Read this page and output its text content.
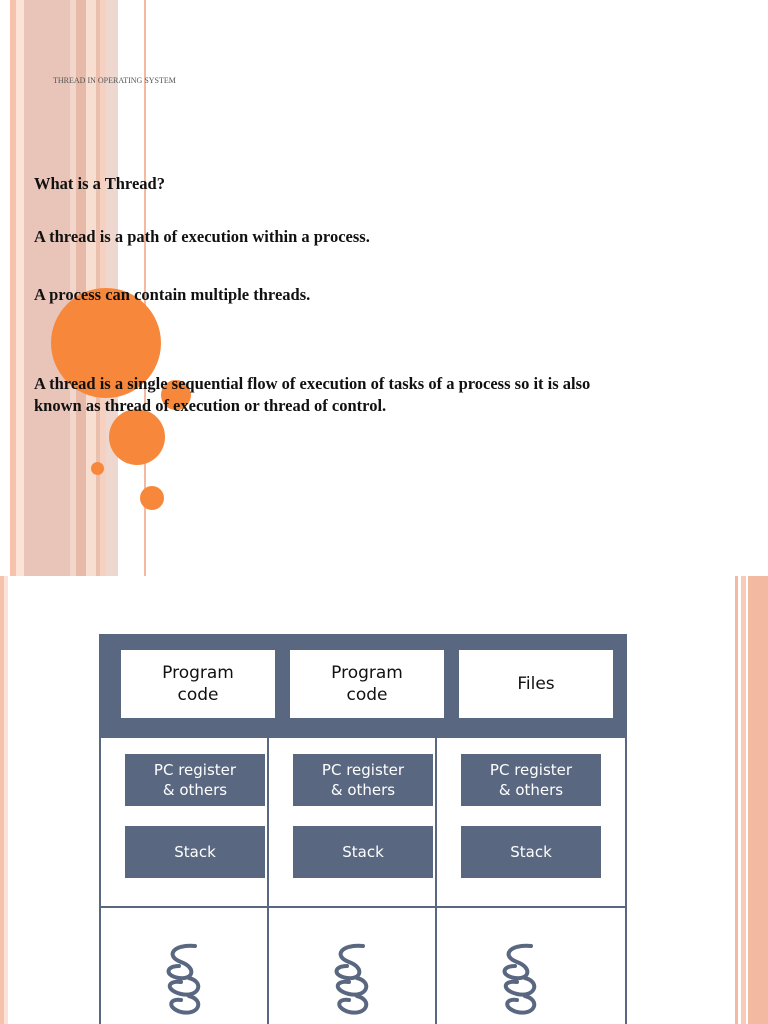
THREAD IN OPERATING SYSTEM

What is a Thread?

A thread is a path of execution within a process.

A process can contain multiple threads.

A thread is a single sequential flow of execution of tasks of a process so it is also

known as thread of execution or thread of control.

Program
code
Program
code
Files
PC register
& others
Stack
PC register
& others
Stack
PC register
& others
Stack
